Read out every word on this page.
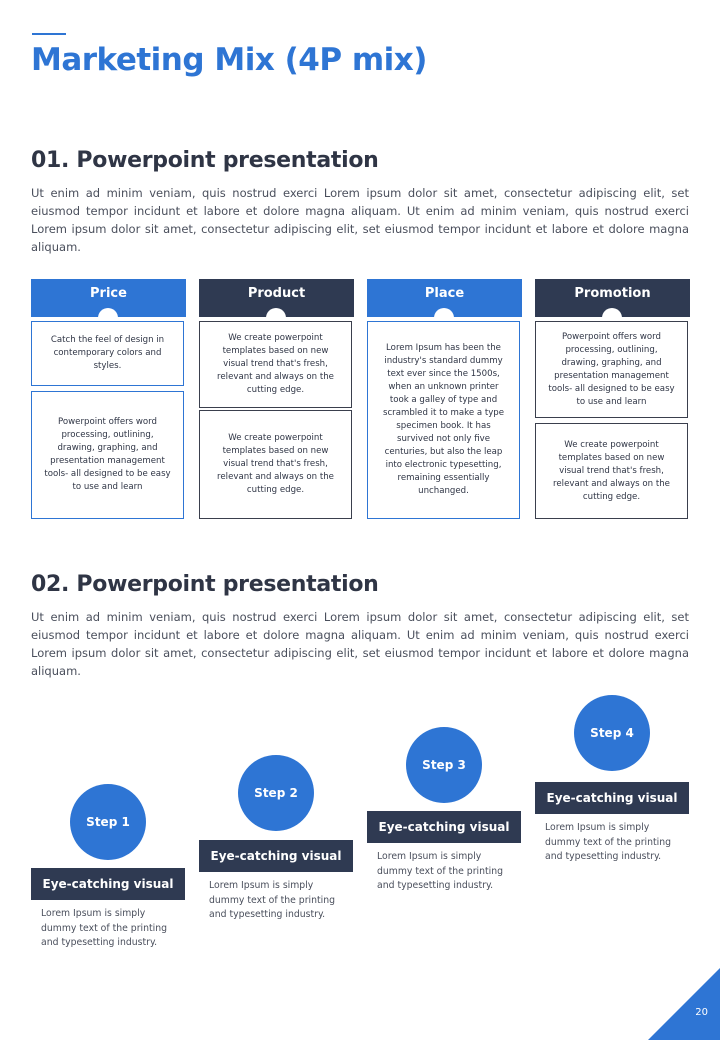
Marketing Mix (4P mix)
01. Powerpoint presentation

Ut enim ad minim veniam, quis nostrud exerci Lorem ipsum dolor sit amet, consectetur adipiscing elit, set eiusmod tempor incidunt et labore et dolore magna aliquam. Ut enim ad minim veniam, quis nostrud exerci Lorem ipsum dolor sit amet, consectetur adipiscing elit, set eiusmod tempor incidunt et labore et dolore magna aliquam.

Price
Catch the feel of design in contemporary colors and styles.
Powerpoint offers word processing, outlining, drawing, graphing, and presentation management tools- all designed to be easy to use and learn
Product
We create powerpoint templates based on new visual trend that's fresh, relevant and always on the cutting edge.
We create powerpoint templates based on new visual trend that's fresh, relevant and always on the cutting edge.
Place
Lorem Ipsum has been the industry's standard dummy text ever since the 1500s, when an unknown printer took a galley of type and scrambled it to make a type specimen book. It has survived not only five centuries, but also the leap into electronic typesetting, remaining essentially unchanged.
Promotion
Powerpoint offers word processing, outlining, drawing, graphing, and presentation management tools- all designed to be easy to use and learn
We create powerpoint templates based on new visual trend that's fresh, relevant and always on the cutting edge.
02. Powerpoint presentation

Ut enim ad minim veniam, quis nostrud exerci Lorem ipsum dolor sit amet, consectetur adipiscing elit, set eiusmod tempor incidunt et labore et dolore magna aliquam. Ut enim ad minim veniam, quis nostrud exerci Lorem ipsum dolor sit amet, consectetur adipiscing elit, set eiusmod tempor incidunt et labore et dolore magna aliquam.

Step 1
Eye-catching visual
Lorem Ipsum is simply dummy text of the printing and typesetting industry.
Step 2
Eye-catching visual
Lorem Ipsum is simply dummy text of the printing and typesetting industry.
Step 3
Eye-catching visual
Lorem Ipsum is simply dummy text of the printing and typesetting industry.
Step 4
Eye-catching visual
Lorem Ipsum is simply dummy text of the printing and typesetting industry.
20
